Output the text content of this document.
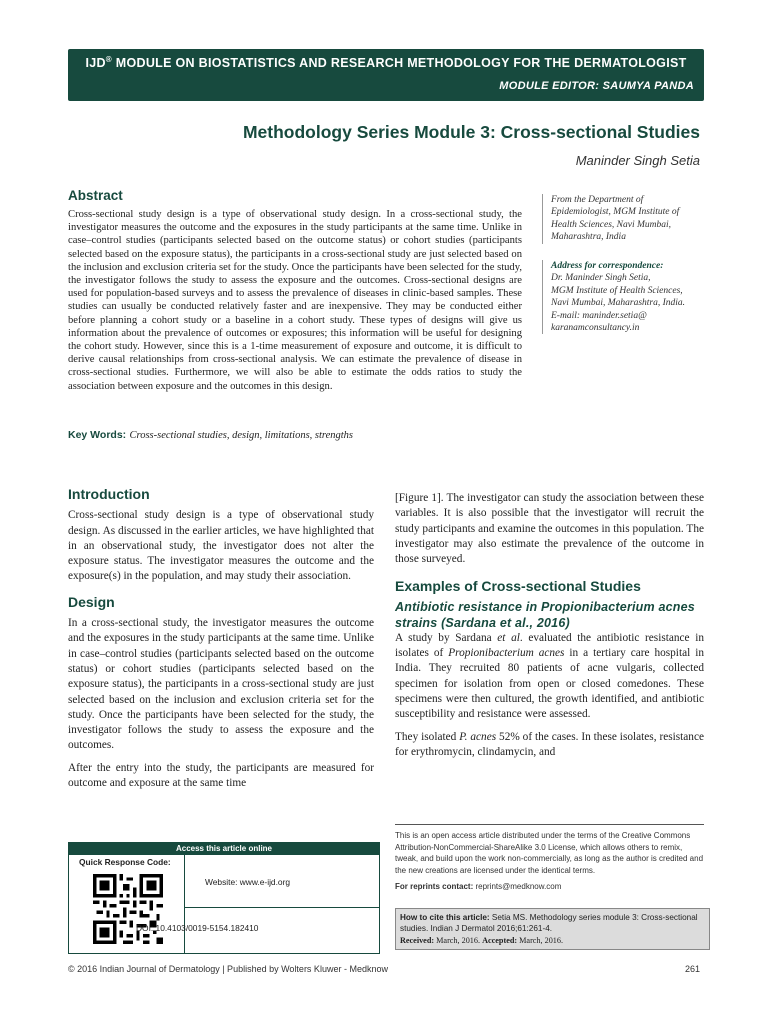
IJD® MODULE ON BIOSTATISTICS AND RESEARCH METHODOLOGY FOR THE DERMATOLOGIST
MODULE EDITOR: SAUMYA PANDA
Methodology Series Module 3: Cross-sectional Studies
Maninder Singh Setia
Abstract

Cross-sectional study design is a type of observational study design. In a cross-sectional study, the investigator measures the outcome and the exposures in the study participants at the same time. Unlike in case–control studies (participants selected based on the outcome status) or cohort studies (participants selected based on the exposure status), the participants in a cross-sectional study are just selected based on the inclusion and exclusion criteria set for the study. Once the participants have been selected for the study, the investigator follows the study to assess the exposure and the outcomes. Cross-sectional designs are used for population-based surveys and to assess the prevalence of diseases in clinic-based samples. These studies can usually be conducted relatively faster and are inexpensive. They may be conducted either before planning a cohort study or a baseline in a cohort study. These types of designs will give us information about the prevalence of outcomes or exposures; this information will be useful for designing the cohort study. However, since this is a 1-time measurement of exposure and outcome, it is difficult to derive causal relationships from cross-sectional analysis. We can estimate the prevalence of disease in cross-sectional studies. Furthermore, we will also be able to estimate the odds ratios to study the association between exposure and the outcomes in this design.

Key Words: Cross-sectional studies, design, limitations, strengths
From the Department of
Epidemiologist, MGM Institute of
Health Sciences, Navi Mumbai,
Maharashtra, India
Address for correspondence:
Dr. Maninder Singh Setia,
MGM Institute of Health Sciences,
Navi Mumbai, Maharashtra, India.
E-mail: maninder.setia@
karanamconsultancy.in
Introduction

Cross-sectional study design is a type of observational study design. As discussed in the earlier articles, we have highlighted that in an observational study, the investigator does not alter the exposure status. The investigator measures the outcome and the exposure(s) in the population, and may study their association.

Design

In a cross-sectional study, the investigator measures the outcome and the exposures in the study participants at the same time. Unlike in case–control studies (participants selected based on the outcome status) or cohort studies (participants selected based on the exposure status), the participants in a cross-sectional study are just selected based on the inclusion and exclusion criteria set for the study. Once the participants have been selected for the study, the investigator follows the study to assess the exposure and the outcomes.

After the entry into the study, the participants are measured for outcome and exposure at the same time

[Figure 1]. The investigator can study the association between these variables. It is also possible that the investigator will recruit the study participants and examine the outcomes in this population. The investigator may also estimate the prevalence of the outcome in those surveyed.

Examples of Cross-sectional Studies
Antibiotic resistance in Propionibacterium acnes strains (Sardana et al., 2016)

A study by Sardana et al. evaluated the antibiotic resistance in isolates of Propionibacterium acnes in a tertiary care hospital in India. They recruited 80 patients of acne vulgaris, collected specimen for isolation from open or closed comedones. These specimens were then cultured, the growth identified, and antibiotic susceptibility and resistance were assessed.

They isolated P. acnes 52% of the cases. In these isolates, resistance for erythromycin, clindamycin, and

This is an open access article distributed under the terms of the Creative Commons Attribution-NonCommercial-ShareAlike 3.0 License, which allows others to remix, tweak, and build upon the work non-commercially, as long as the author is credited and the new creations are licensed under the identical terms.
For reprints contact: reprints@medknow.com
How to cite this article: Setia MS. Methodology series module 3: Cross-sectional studies. Indian J Dermatol 2016;61:261-4.
Received: March, 2016. Accepted: March, 2016.
Access this article online
Quick Response Code:
Website: www.e-ijd.org
DOI: 10.4103/0019-5154.182410
© 2016 Indian Journal of Dermatology | Published by Wolters Kluwer - Medknow	261
